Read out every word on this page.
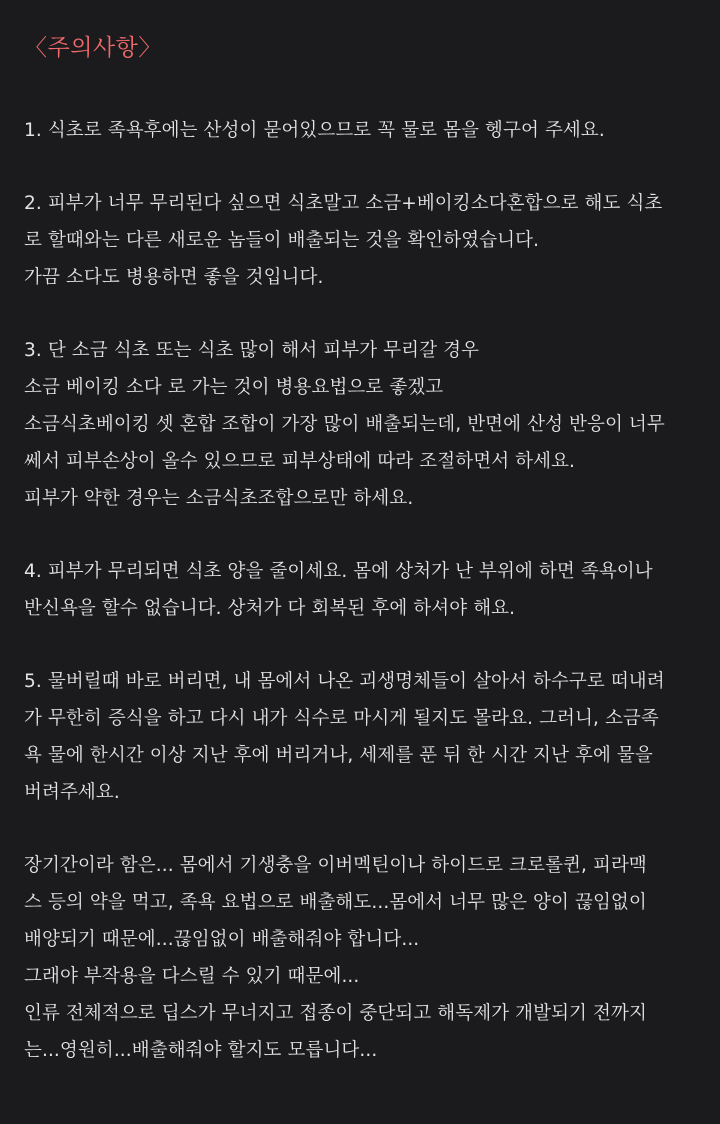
〈주의사항〉
1. 식초로 족욕후에는 산성이 묻어있으므로 꼭 물로 몸을 헹구어 주세요.
2. 피부가 너무 무리된다 싶으면 식초말고 소금+베이킹소다혼합으로 해도 식초
로 할때와는 다른 새로운 놈들이 배출되는 것을 확인하였습니다.
가끔 소다도 병용하면 좋을 것입니다.
3. 단 소금 식초 또는 식초 많이 해서 피부가 무리갈 경우
소금 베이킹 소다 로 가는 것이 병용요법으로 좋겠고
소금식초베이킹 셋 혼합 조합이 가장 많이 배출되는데, 반면에 산성 반응이 너무
쎄서 피부손상이 올수 있으므로 피부상태에 따라 조절하면서 하세요.
피부가 약한 경우는 소금식초조합으로만 하세요.
4. 피부가 무리되면 식초 양을 줄이세요. 몸에 상처가 난 부위에 하면 족욕이나
반신욕을 할수 없습니다. 상처가 다 회복된 후에 하셔야 해요.
5. 물버릴때 바로 버리면, 내 몸에서 나온 괴생명체들이 살아서 하수구로 떠내려
가 무한히 증식을 하고 다시 내가 식수로 마시게 될지도 몰라요. 그러니, 소금족
욕 물에 한시간 이상 지난 후에 버리거나, 세제를 푼 뒤 한 시간 지난 후에 물을
버려주세요.
장기간이라 함은... 몸에서 기생충을 이버멕틴이나 하이드로 크로롤퀸, 피라맥
스 등의 약을 먹고, 족욕 요법으로 배출해도...몸에서 너무 많은 양이 끊임없이
배양되기 때문에...끊임없이 배출해줘야 합니다...
그래야 부작용을 다스릴 수 있기 때문에...
인류 전체적으로 딥스가 무너지고 접종이 중단되고 해독제가 개발되기 전까지
는...영원히...배출해줘야 할지도 모릅니다...
